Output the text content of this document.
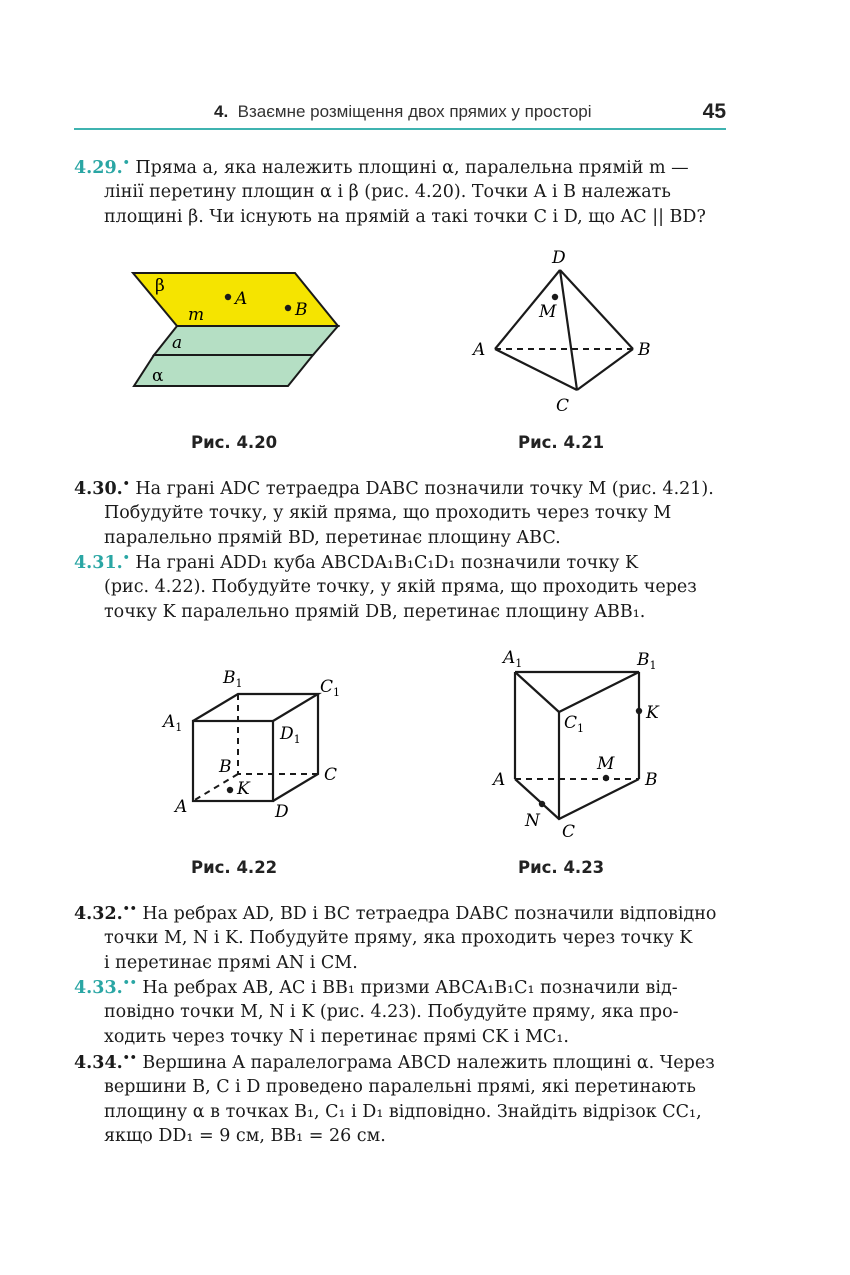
4. Взаємне розміщення двох прямих у просторі	45
4.29.• Пряма a, яка належить площині α, паралельна прямій m —
лінії перетину площин α і β (рис. 4.20). Точки A і B належать
площині β. Чи існують на прямій a такі точки C і D, що AC || BD?
β
m
A
B
a
α
Рис. 4.20
D
M
A	B
C
Рис. 4.21
4.30.• На грані ADC тетраедра DABC позначили точку M (рис. 4.21).
Побудуйте точку, у якій пряма, що проходить через точку M
паралельно прямій BD, перетинає площину ABC.
4.31.• На грані ADD₁ куба ABCDA₁B₁C₁D₁ позначили точку K
(рис. 4.22). Побудуйте точку, у якій пряма, що проходить через
точку K паралельно прямій DB, перетинає площину ABB₁.
$B_1$	$C_1$
$A_1$	$D_1$
B	C
K
A	D
Рис. 4.22
$A_1$	$B_1$
K
$C_1$
M
A	B
N
C
Рис. 4.23
4.32.•• На ребрах AD, BD і BC тетраедра DABC позначили відповідно
точки M, N і K. Побудуйте пряму, яка проходить через точку K
і перетинає прямі AN і CM.
4.33.•• На ребрах AB, AC і BB₁ призми ABCA₁B₁C₁ позначили від-
повідно точки M, N і K (рис. 4.23). Побудуйте пряму, яка про-
ходить через точку N і перетинає прямі CK і MC₁.
4.34.•• Вершина A паралелограма ABCD належить площині α. Через
вершини B, C і D проведено паралельні прямі, які перетинають
площину α в точках B₁, C₁ і D₁ відповідно. Знайдіть відрізок CC₁,
якщо DD₁ = 9 см, BB₁ = 26 см.
